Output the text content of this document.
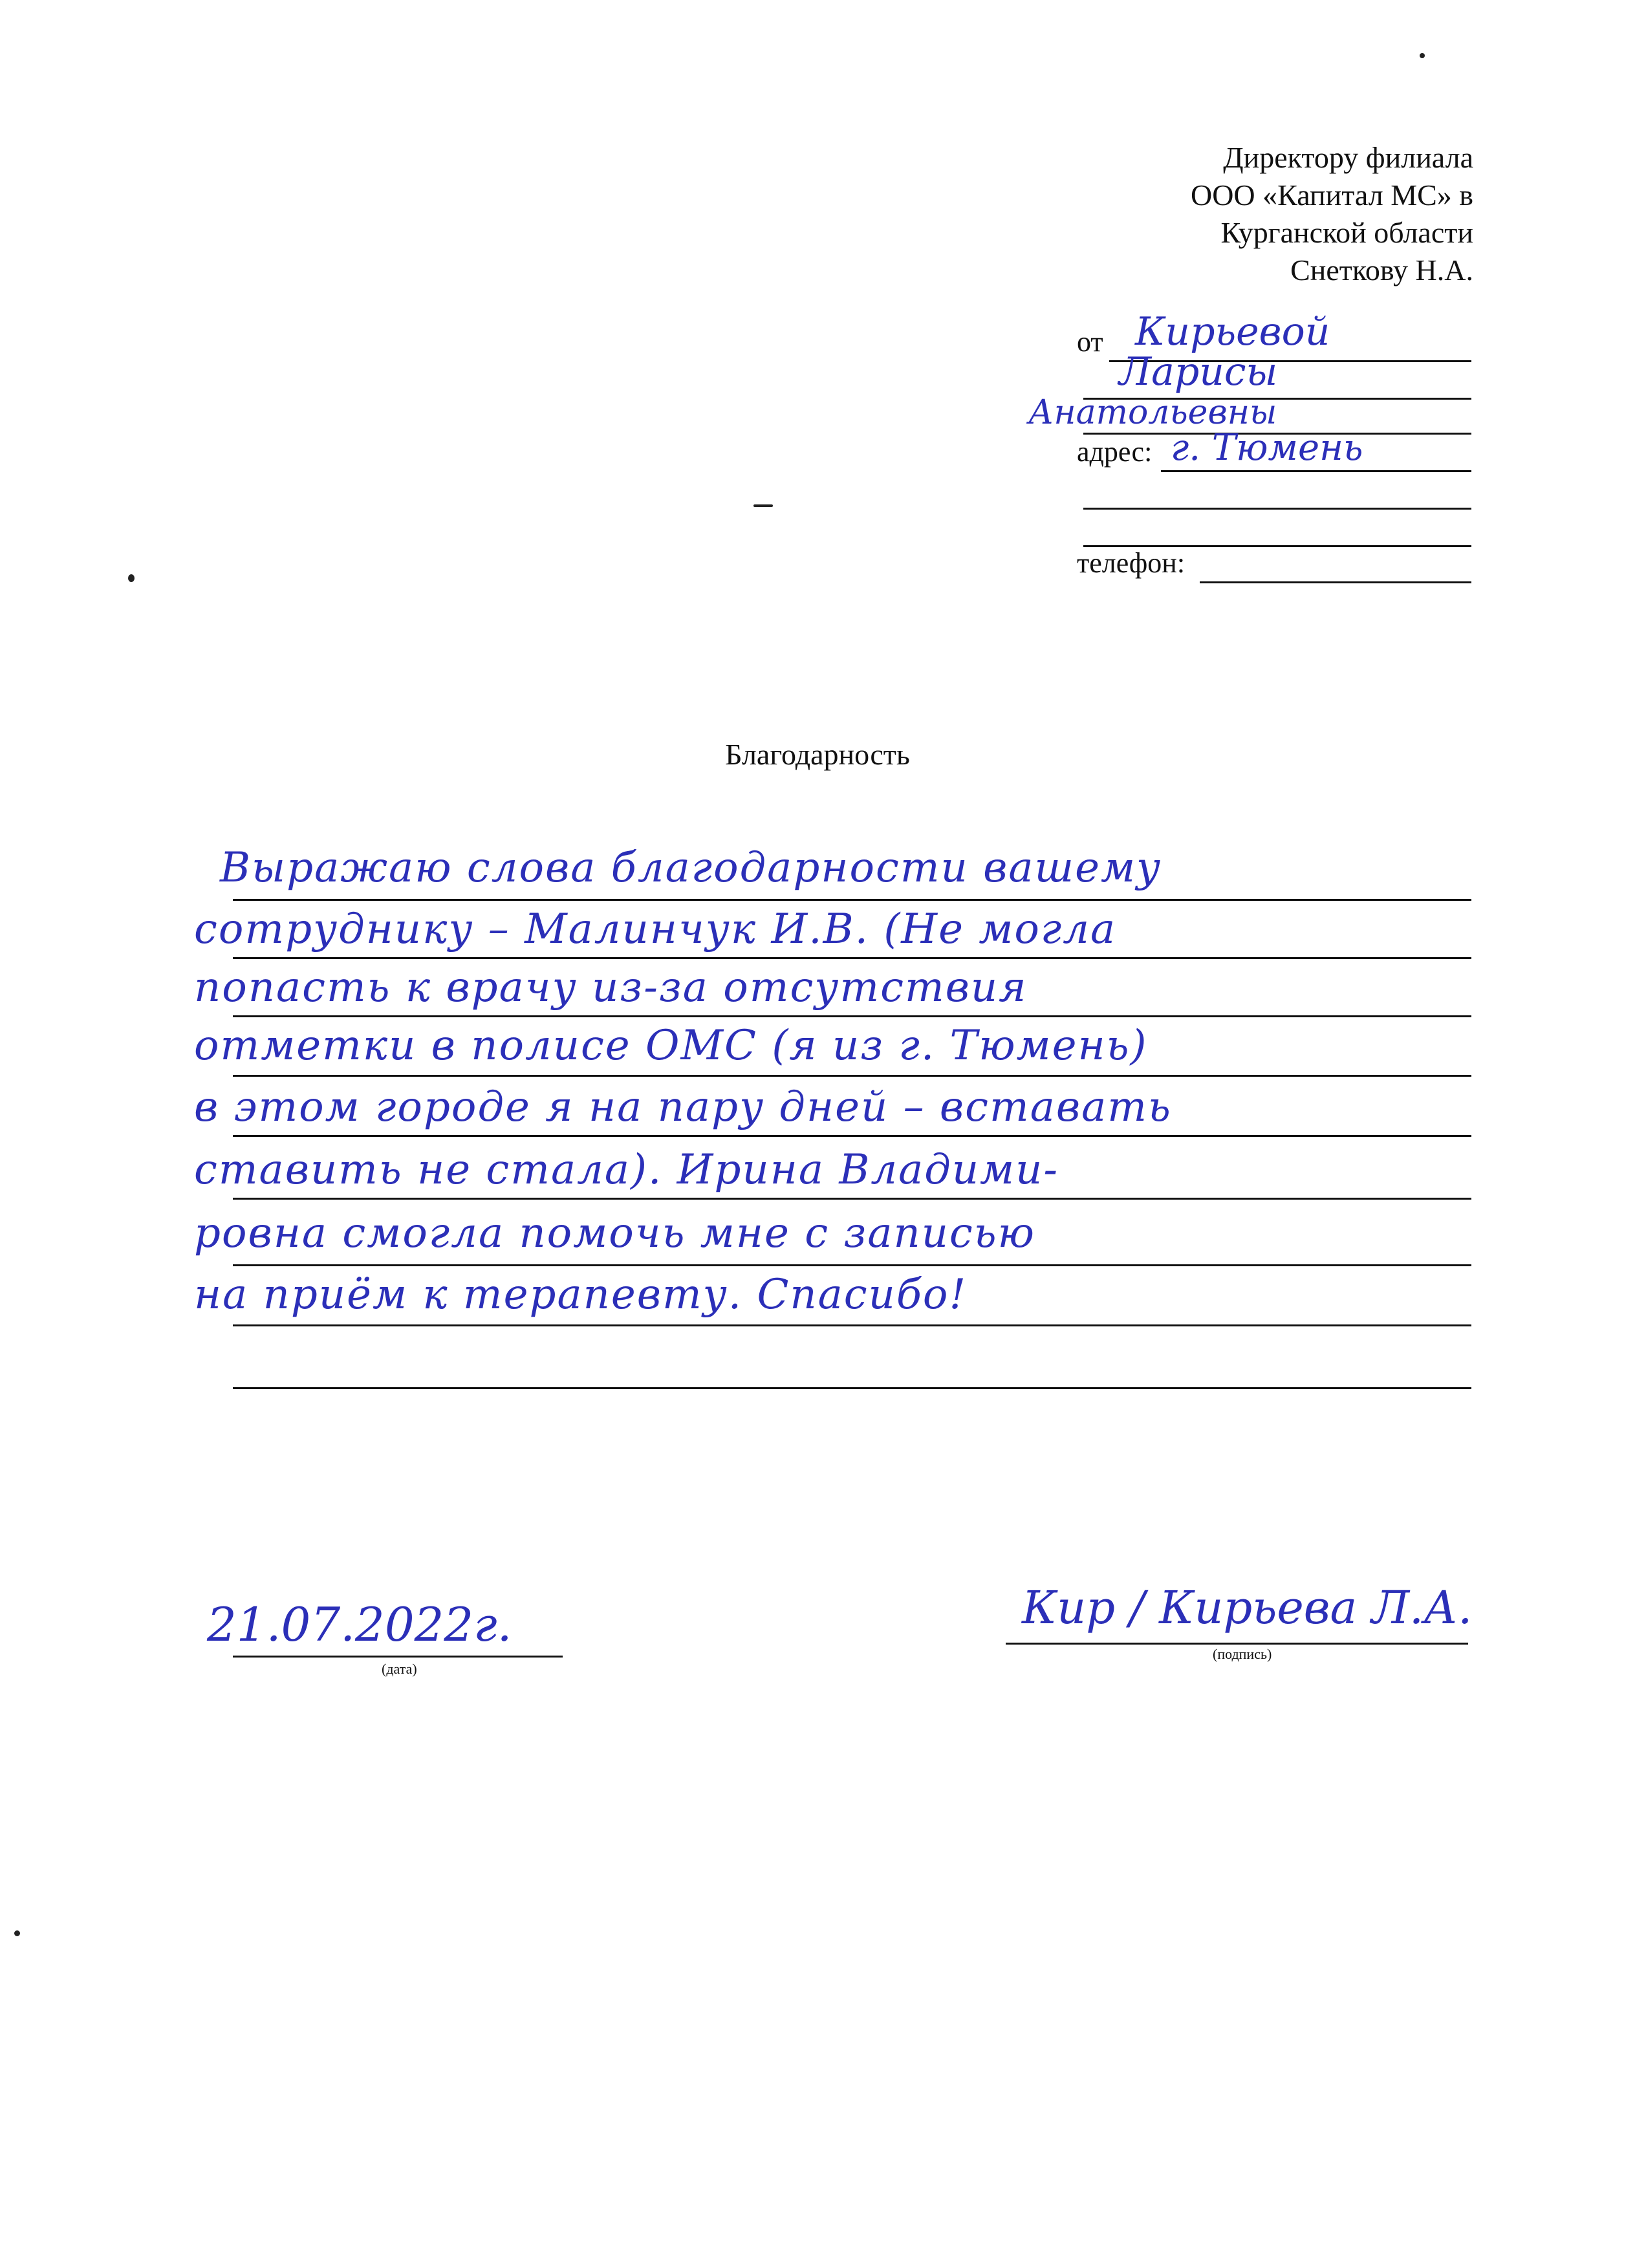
Директору филиала
ООО «Капитал МС» в
Курганской области
Снеткову Н.А.
от Кирьевой
Ларисы
Анатольевны
адрес: г. Тюмень
телефон:
Благодарность
Выражаю слова благодарности вашему
сотруднику – Малинчук И.В. (Не могла
попасть к врачу из-за отсутствия
отметки в полисе ОМС (я из г. Тюмень)
в этом городе я на пару дней – вставать
ставить не стала). Ирина Владими-
ровна смогла помочь мне с записью
на приём к терапевту. Спасибо!
21.07.2022г.
(дата)
Кир / Кирьева Л.А.
(подпись)
